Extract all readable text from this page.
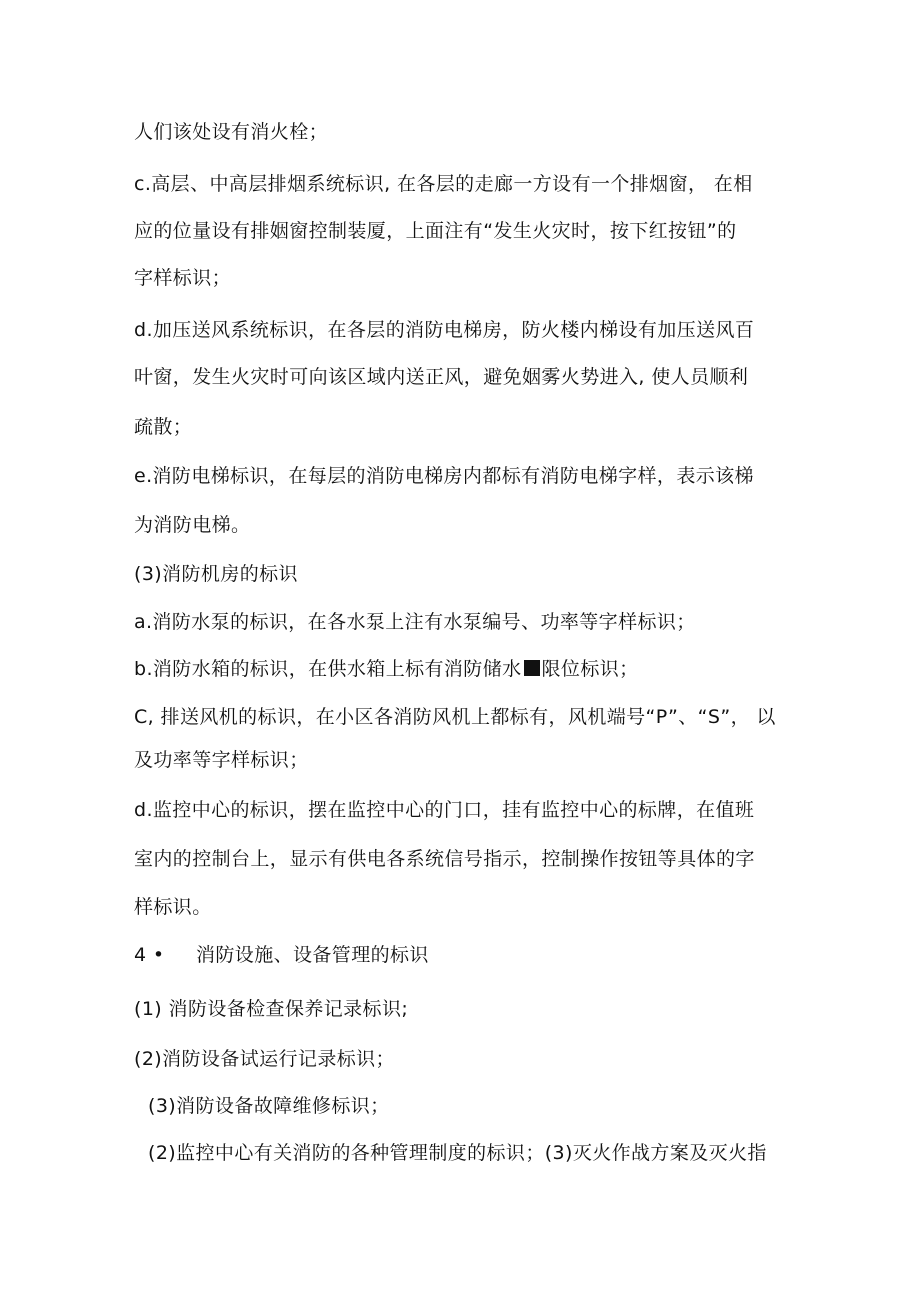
人们该处设有消火栓；
c.高层、中高层排烟系统标识, 在各层的走廊一方设有一个排烟窗， 在相
应的位量设有排姻窗控制装厦，上面注有“发生火灾时，按下红按钮”的
字样标识；
d.加压送风系统标识，在各层的消防电梯房，防火楼内梯设有加压送风百
叶窗，发生火灾时可向该区域内送正风，避免姻雾火势进入, 使人员顺利
疏散；
e.消防电梯标识，在每层的消防电梯房内都标有消防电梯字样，表示该梯
为消防电梯。
(3)消防机房的标识
a.消防水泵的标识，在各水泵上注有水泵编号、功率等字样标识；
b.消防水箱的标识，在供水箱上标有消防储水 限位标识；
C, 排送风机的标识，在小区各消防风机上都标有，风机端号“P”、“S”， 以
及功率等字样标识；
d.监控中心的标识，摆在监控中心的门口，挂有监控中心的标牌，在值班
室内的控制台上，显示有供电各系统信号指示，控制操作按钮等具体的字
样标识。
4 • 消防设施、设备管理的标识
(1) 消防设备检查保养记录标识;
(2)消防设备试运行记录标识；
(3)消防设备故障维修标识；
(2)监控中心有关消防的各种管理制度的标识；(3)灭火作战方案及灭火指
